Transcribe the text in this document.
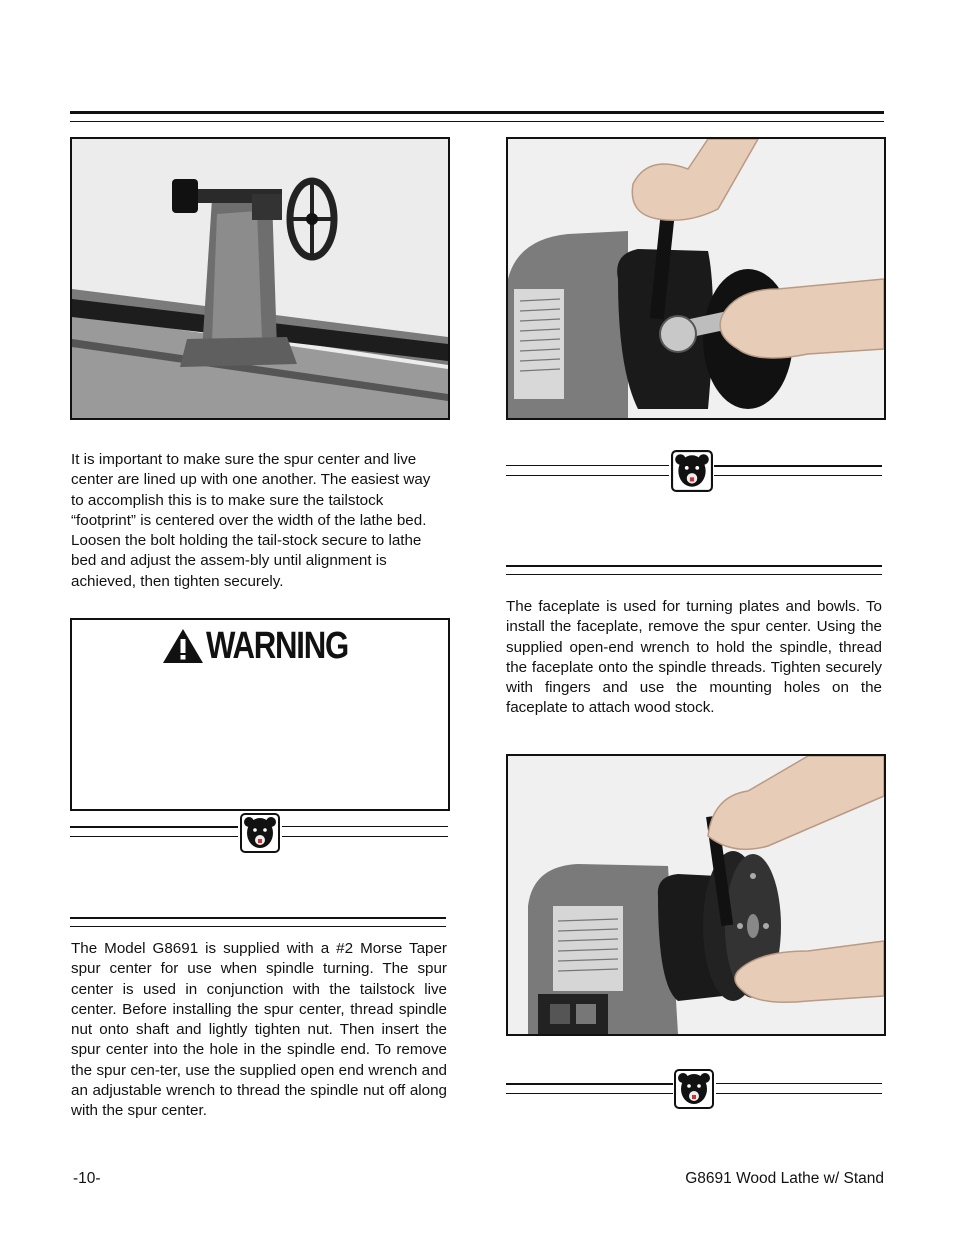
It is important to make sure the spur center and live center are lined up with one another. The easiest way to accomplish this is to make sure the tailstock “footprint” is centered over the width of the lathe bed. Loosen the bolt holding the tail-stock secure to lathe bed and adjust the assem-bly until alignment is achieved, then tighten securely.
WARNING
The Model G8691 is supplied with a #2 Morse Taper spur center for use when spindle turning. The spur center is used in conjunction with the tailstock live center. Before installing the spur center, thread spindle nut onto shaft and lightly tighten nut. Then insert the spur center into the hole in the spindle end. To remove the spur cen-ter, use the supplied open end wrench and an adjustable wrench to thread the spindle nut off along with the spur center.
The faceplate is used for turning plates and bowls. To install the faceplate, remove the spur center. Using the supplied open-end wrench to hold the spindle, thread the faceplate onto the spindle threads. Tighten securely with fingers and use the mounting holes on the faceplate to attach wood stock.
-10-	G8691 Wood Lathe w/ Stand
